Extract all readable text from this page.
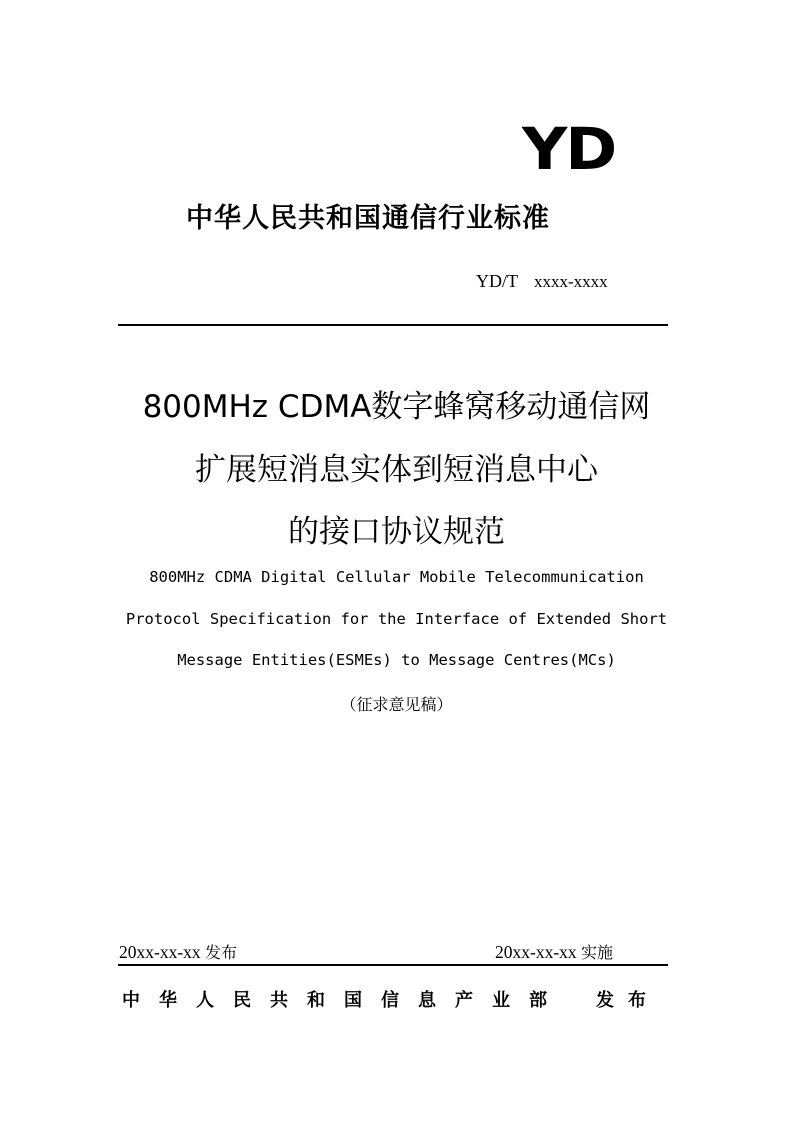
YD
中华人民共和国通信行业标准
YD/T xxxx-xxxx
800MHz CDMA数字蜂窝移动通信网
扩展短消息实体到短消息中心
的接口协议规范
800MHz CDMA Digital Cellular Mobile Telecommunication
Protocol Specification for the Interface of Extended Short
Message Entities(ESMEs) to Message Centres(MCs)
（征求意见稿）
20xx-xx-xx 发布	20xx-xx-xx 实施
中华人民共和国信息产业部 发布
